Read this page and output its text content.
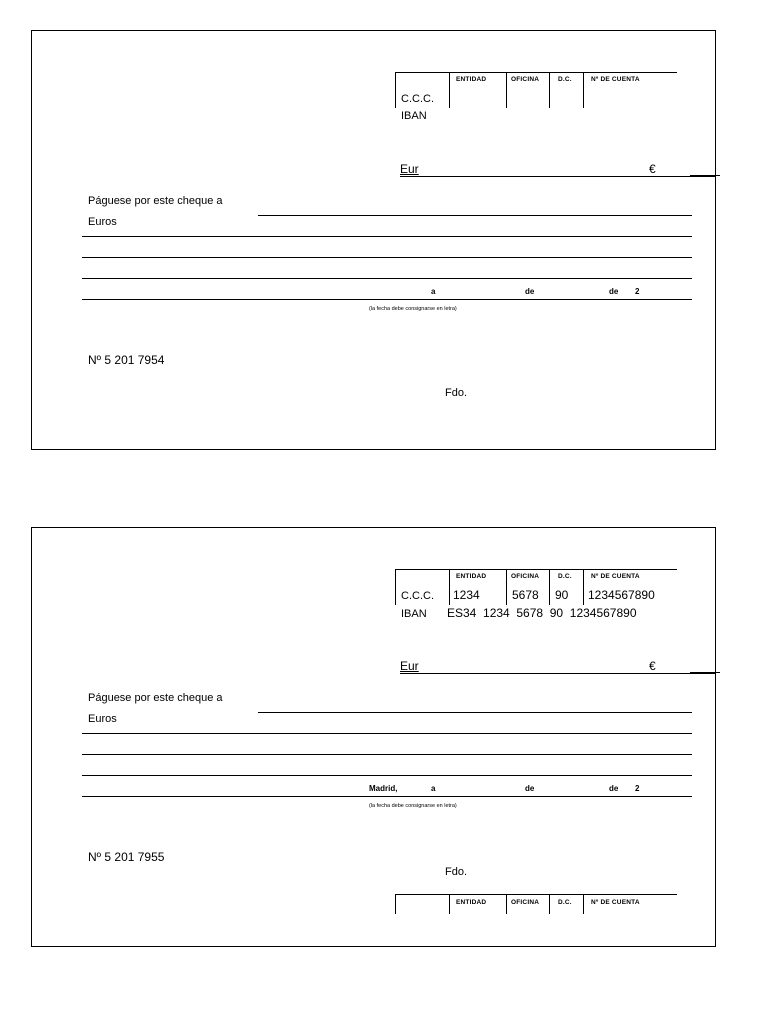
ENTIDAD	OFICINA	D.C.	Nº DE CUENTA
C.C.C.
IBAN
Eur	€
Páguese por este cheque a
Euros
a	de	de 2
(la fecha debe consignarse en letra)
Nº 5 201 7954
Fdo.
ENTIDAD	OFICINA	D.C.	Nº DE CUENTA
C.C.C. 1234	5678 90 1234567890
IBAN ES34  1234  5678  90  1234567890
Eur	€
Páguese por este cheque a
Euros
Madrid,	a	de	de 2
(la fecha debe consignarse en letra)
Nº 5 201 7955
Fdo.
ENTIDAD	OFICINA	D.C.	Nº DE CUENTA
